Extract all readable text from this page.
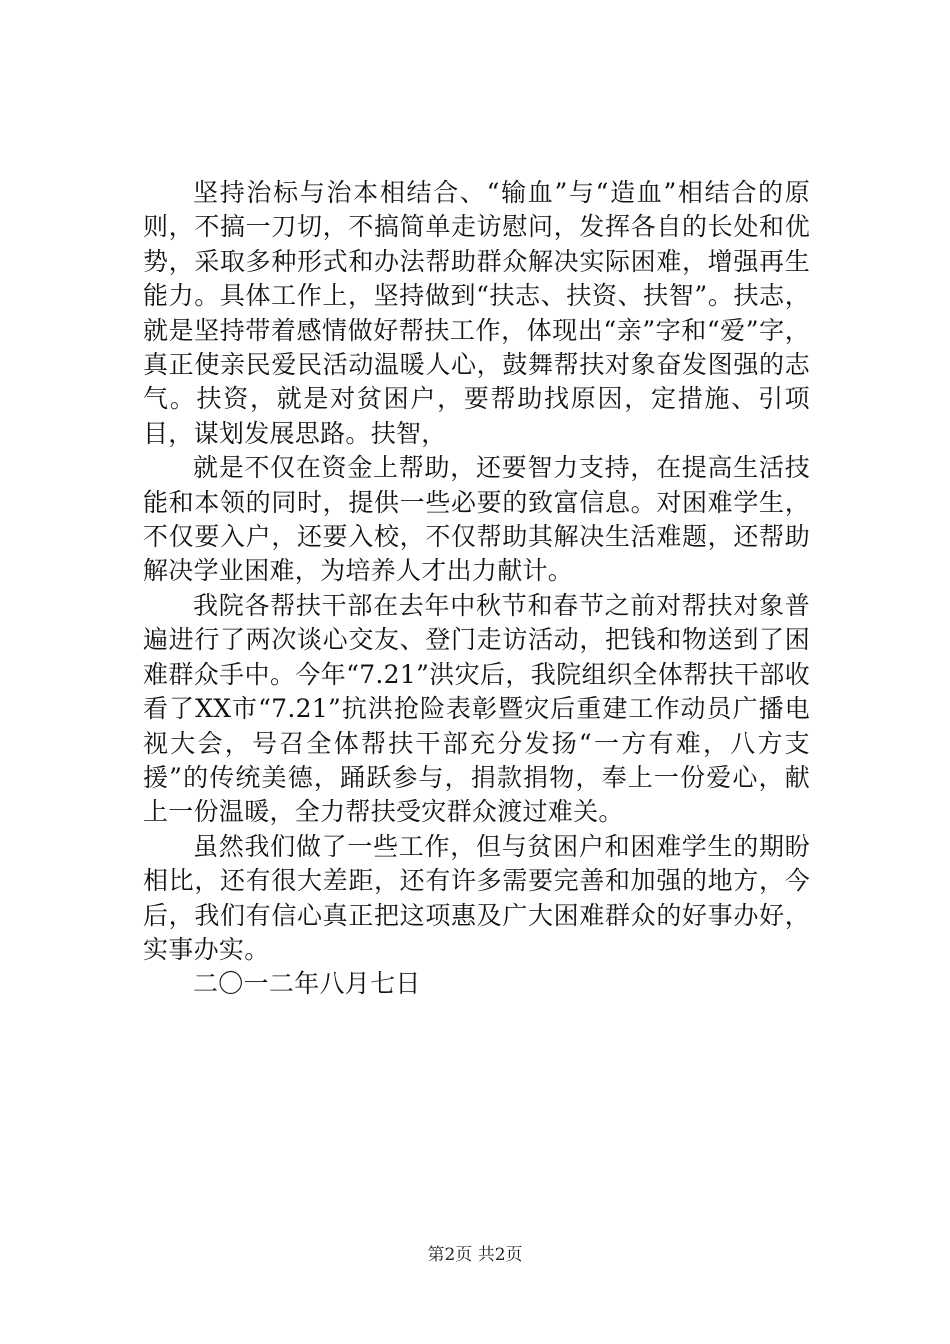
坚持治标与治本相结合、“输血”与“造血”相结合的原则，不搞一刀切，不搞简单走访慰问，发挥各自的长处和优势，采取多种形式和办法帮助群众解决实际困难，增强再生能力。具体工作上，坚持做到“扶志、扶资、扶智”。扶志，就是坚持带着感情做好帮扶工作，体现出“亲”字和“爱”字，真正使亲民爱民活动温暖人心，鼓舞帮扶对象奋发图强的志气。扶资，就是对贫困户，要帮助找原因，定措施、引项目，谋划发展思路。扶智，

就是不仅在资金上帮助，还要智力支持，在提高生活技能和本领的同时，提供一些必要的致富信息。对困难学生，不仅要入户，还要入校，不仅帮助其解决生活难题，还帮助解决学业困难，为培养人才出力献计。

我院各帮扶干部在去年中秋节和春节之前对帮扶对象普遍进行了两次谈心交友、登门走访活动，把钱和物送到了困难群众手中。今年“7.21”洪灾后，我院组织全体帮扶干部收看了XX市“7.21”抗洪抢险表彰暨灾后重建工作动员广播电视大会，号召全体帮扶干部充分发扬“一方有难，八方支援”的传统美德，踊跃参与，捐款捐物，奉上一份爱心，献上一份温暖，全力帮扶受灾群众渡过难关。

虽然我们做了一些工作，但与贫困户和困难学生的期盼相比，还有很大差距，还有许多需要完善和加强的地方，今后，我们有信心真正把这项惠及广大困难群众的好事办好，实事办实。

二〇一二年八月七日

第2页 共2页
